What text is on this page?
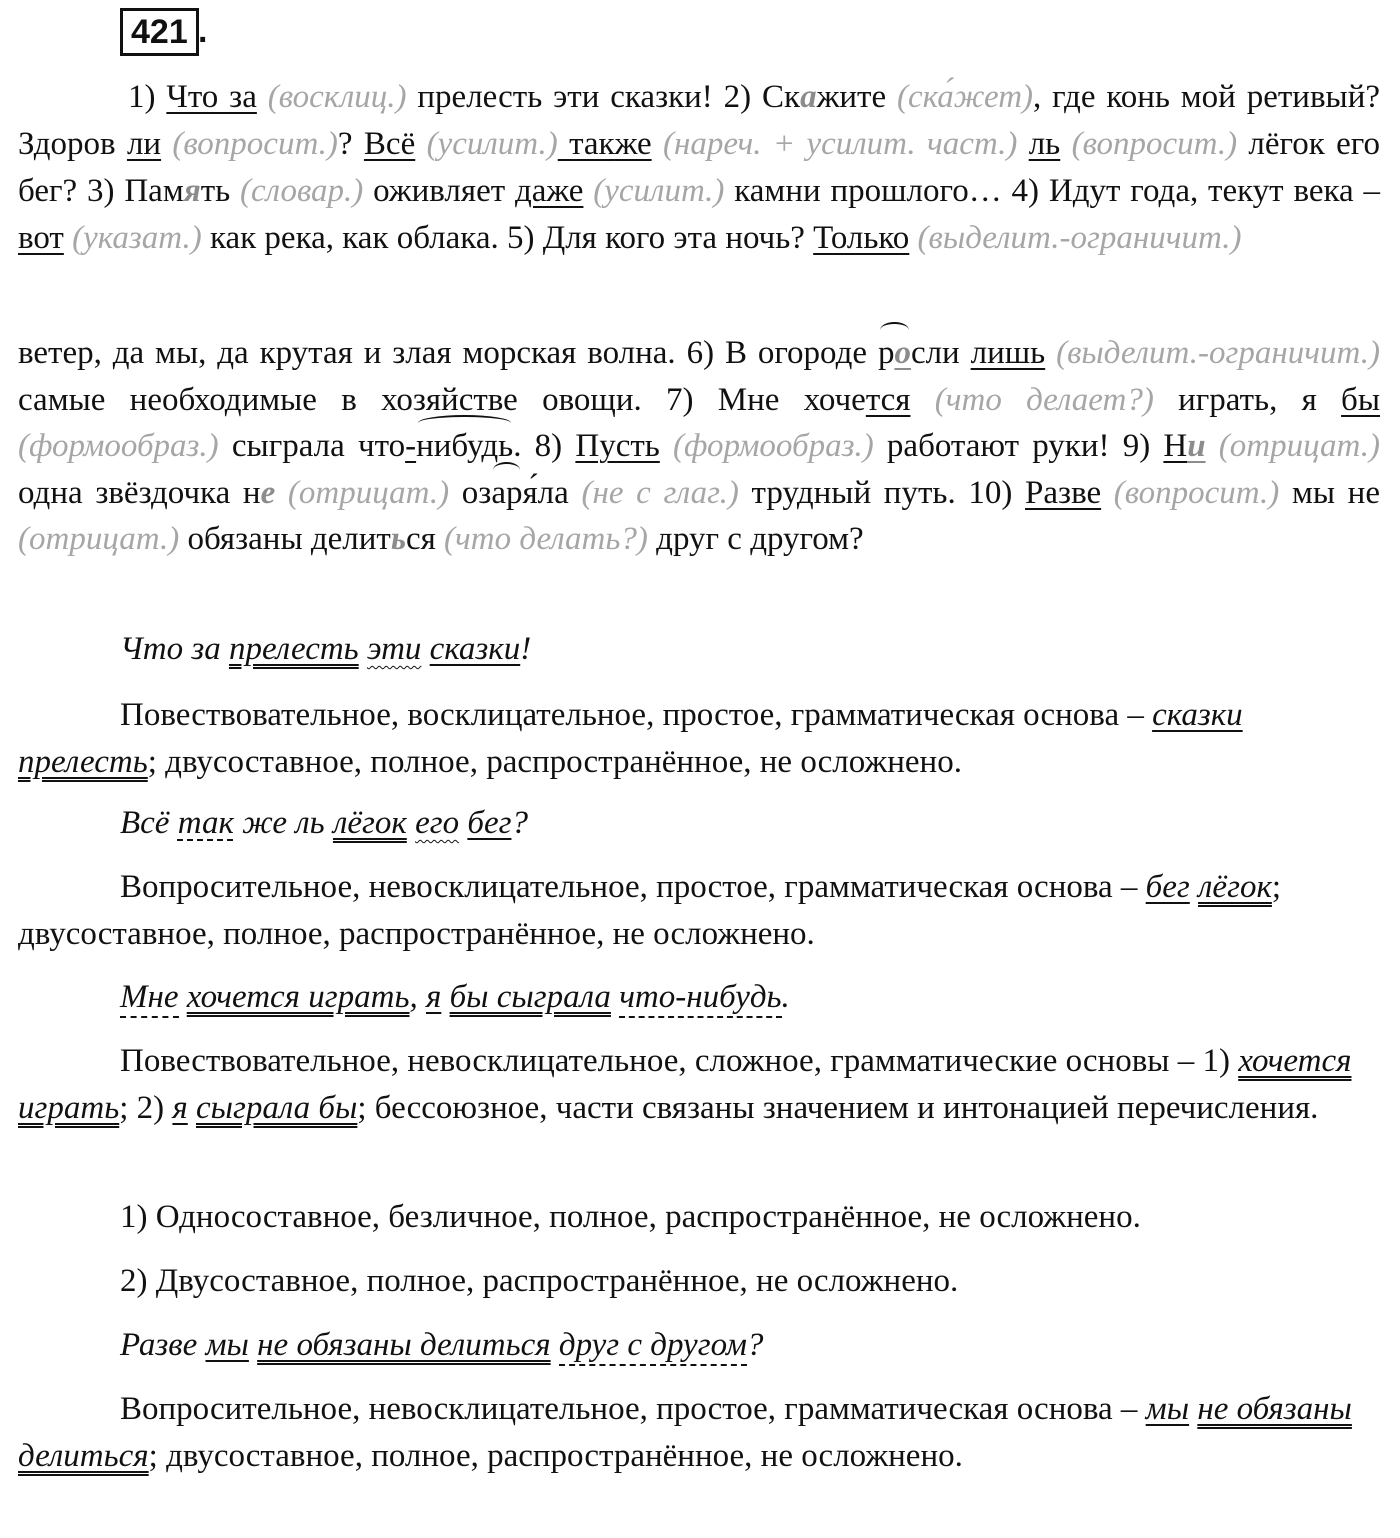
421 .
1) Что за (восклиц.) прелесть эти сказки! 2) Скажите (ска́жет), где конь мой ретивый? Здоров ли (вопросит.)? Всё (усилит.) также (нареч. + усилит. част.) ль (вопросит.) лёгок его бег? 3) Память (словар.) оживляет даже (усилит.) камни прошлого… 4) Идут года, текут века – вот (указат.) как река, как облака. 5) Для кого эта ночь? Только (выделит.-ограничит.)
ветер, да мы, да крутая и злая морская волна. 6) В огороде росли лишь (выделит.-ограничит.) самые необходимые в хозяйстве овощи. 7) Мне хочется (что делает?) играть, я бы (формообраз.) сыграла что-нибудь. 8) Пусть (формообраз.) работают руки! 9) Ни (отрицат.) одна звёздочка не (отрицат.) озаря́ла (не с глаг.) трудный путь. 10) Разве (вопросит.) мы не (отрицат.) обязаны делиться (что делать?) друг с другом?
Что за прелесть эти сказки!
Повествовательное, восклицательное, простое, грамматическая основа – сказки прелесть; двусоставное, полное, распространённое, не осложнено.
Всё так же ль лёгок его бег?
Вопросительное, невосклицательное, простое, грамматическая основа – бег лёгок; двусоставное, полное, распространённое, не осложнено.
Мне хочется играть, я бы сыграла что-нибудь.
Повествовательное, невосклицательное, сложное, грамматические основы – 1) хочется играть; 2) я сыграла бы; бессоюзное, части связаны значением и интонацией перечисления.
1) Односоставное, безличное, полное, распространённое, не осложнено.
2) Двусоставное, полное, распространённое, не осложнено.
Разве мы не обязаны делиться друг с другом?
Вопросительное, невосклицательное, простое, грамматическая основа – мы не обязаны делиться; двусоставное, полное, распространённое, не осложнено.
